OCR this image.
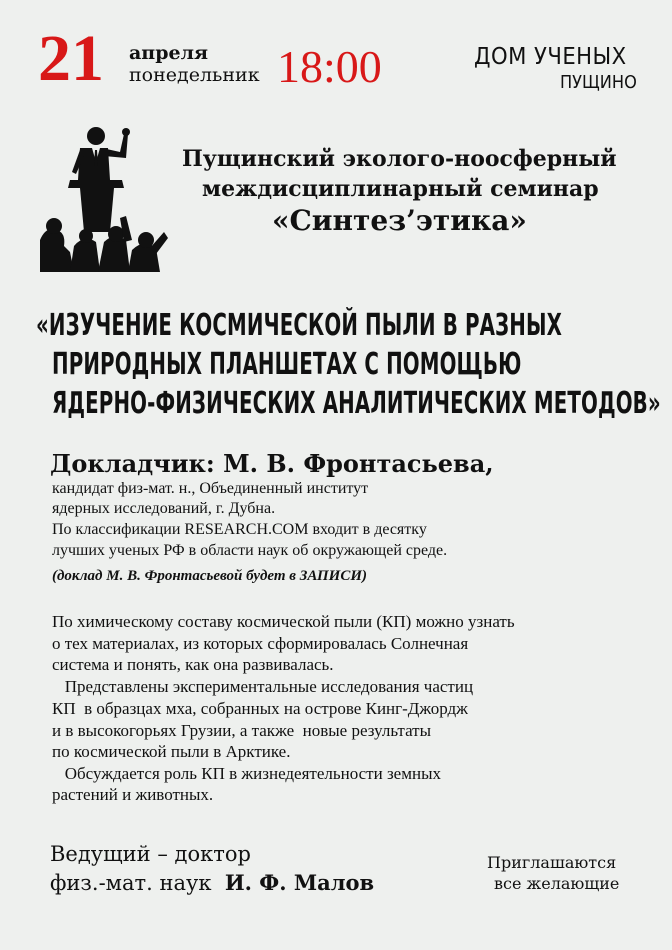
21 апреля
понедельник 18:00	ДОМ УЧЕНЫХ
ПУЩИНО
Пущинский эколого-ноосферный
междисциплинарный семинар
«Синтез’этика»
«ИЗУЧЕНИЕ КОСМИЧЕСКОЙ ПЫЛИ В РАЗНЫХ
ПРИРОДНЫХ ПЛАНШЕТАХ С ПОМОЩЬЮ
ЯДЕРНО-ФИЗИЧЕСКИХ АНАЛИТИЧЕСКИХ МЕТОДОВ»
Докладчик: М. В. Фронтасьева,
кандидат физ-мат. н., Объединенный институт
ядерных исследований, г. Дубна.
По классификации RESEARCH.COM входит в десятку
лучших ученых РФ в области наук об окружающей среде.
(доклад М. В. Фронтасьевой будет в ЗАПИСИ)
По химическому составу космической пыли (КП) можно узнать
о тех материалах, из которых сформировалась Солнечная
система и понять, как она развивалась.
Представлены экспериментальные исследования частиц
КП  в образцах мха, собранных на острове Кинг-Джордж
и в высокогорьях Грузии, а также  новые результаты
по космической пыли в Арктике.
Обсуждается роль КП в жизнедеятельности земных
растений и животных.
Ведущий – доктор
физ.-мат. наук  И. Ф. Малов
Приглашаются
все желающие
